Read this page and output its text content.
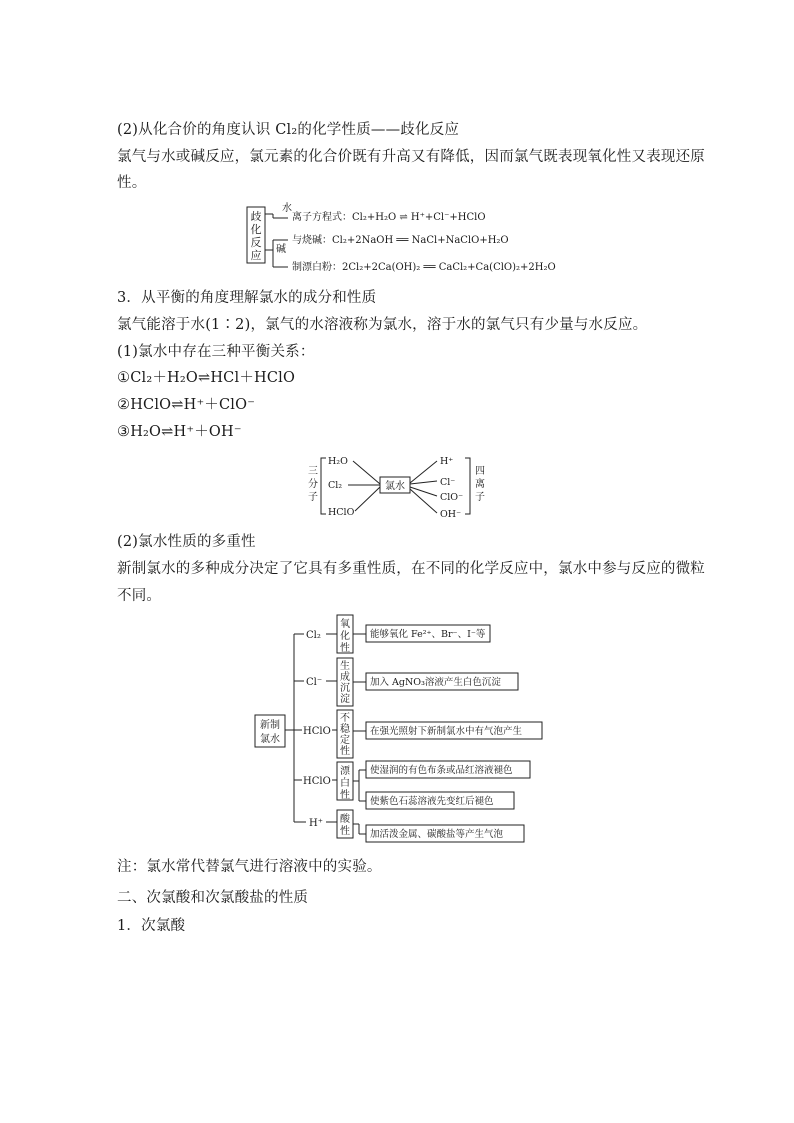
(2)从化合价的角度认识 Cl₂的化学性质——歧化反应
氯气与水或碱反应，氯元素的化合价既有升高又有降低，因而氯气既表现氧化性又表现还原
性。
歧
化
反
应
水
碱
离子方程式：Cl₂+H₂O ⇌ H⁺+Cl⁻+HClO
与烧碱：Cl₂+2NaOH ══ NaCl+NaClO+H₂O
制漂白粉：2Cl₂+2Ca(OH)₂ ══ CaCl₂+Ca(ClO)₂+2H₂O
3．从平衡的角度理解氯水的成分和性质
氯气能溶于水(1∶2)，氯气的水溶液称为氯水，溶于水的氯气只有少量与水反应。
(1)氯水中存在三种平衡关系：
①Cl₂＋H₂O⇌HCl＋HClO
②HClO⇌H⁺＋ClO⁻
③H₂O⇌H⁺＋OH⁻
三
分
子
H₂O
Cl₂
HClO
氯水
H⁺
Cl⁻
ClO⁻
OH⁻
四
离
子
(2)氯水性质的多重性
新制氯水的多种成分决定了它具有多重性质，在不同的化学反应中，氯水中参与反应的微粒
不同。
新制
氯水
Cl₂
Cl⁻
HClO
HClO
H⁺
氧
化
性
生
成
沉
淀
不
稳
定
性
漂
白
性
酸
性
能够氧化 Fe²⁺、Br⁻、I⁻等
加入 AgNO₃溶液产生白色沉淀
在强光照射下新制氯水中有气泡产生
使湿润的有色布条或品红溶液褪色
使紫色石蕊溶液先变红后褪色
加活泼金属、碳酸盐等产生气泡
注：氯水常代替氯气进行溶液中的实验。
二、次氯酸和次氯酸盐的性质
1．次氯酸
